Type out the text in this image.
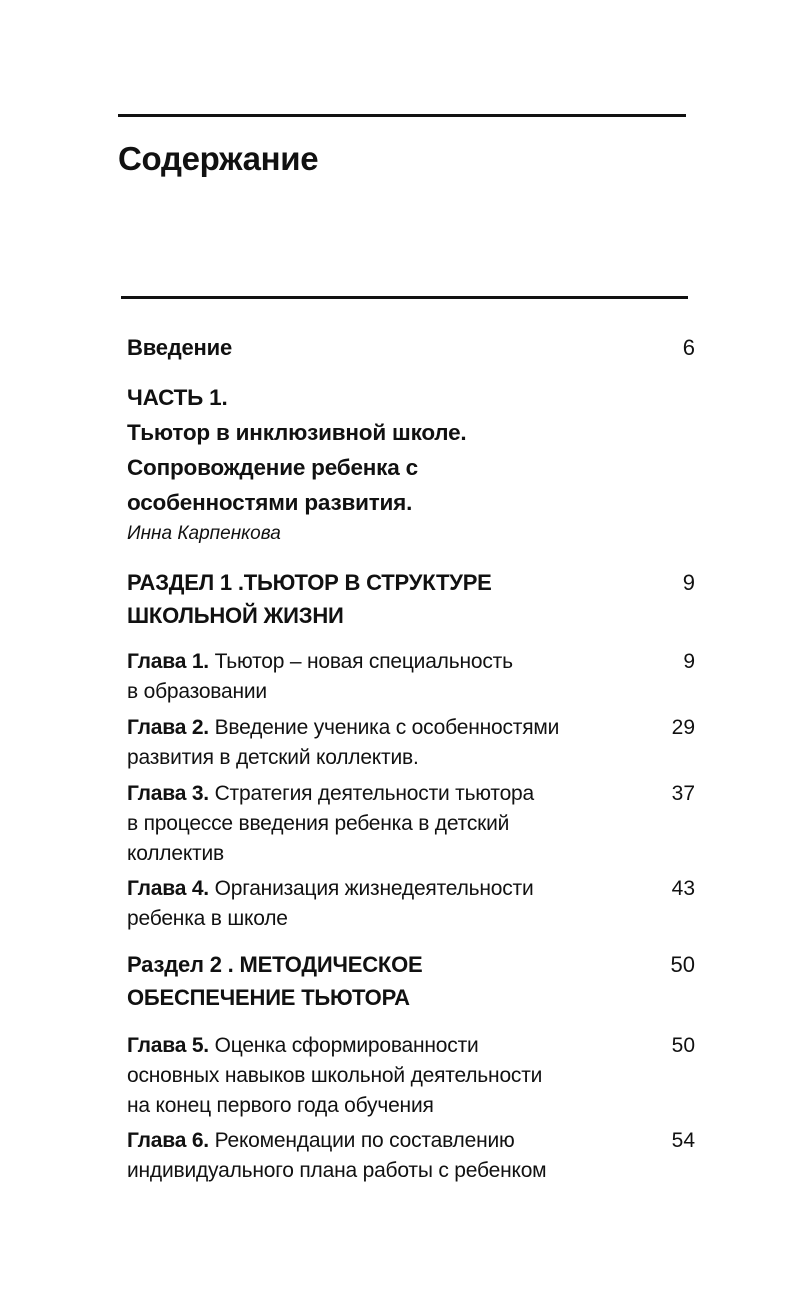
Содержание
Введение	6
ЧАСТЬ 1.
Тьютор в инклюзивной школе.
Сопровождение ребенка с
особенностями развития.
Инна Карпенкова
РАЗДЕЛ 1 .ТЬЮТОР В СТРУКТУРЕ
ШКОЛЬНОЙ ЖИЗНИ
9
Глава 1. Тьютор – новая специальность
в образовании
9
Глава 2. Введение ученика с особенностями
развития в детский коллектив.
29
Глава 3. Стратегия деятельности тьютора
в процессе введения ребенка в детский
коллектив
37
Глава 4. Организация жизнедеятельности
ребенка в школе
43
Раздел 2 . МЕТОДИЧЕСКОЕ
ОБЕСПЕЧЕНИЕ ТЬЮТОРА
50
Глава 5. Оценка сформированности
основных навыков школьной деятельности
на конец первого года обучения
50
Глава 6. Рекомендации по составлению
индивидуального плана работы с ребенком
54
